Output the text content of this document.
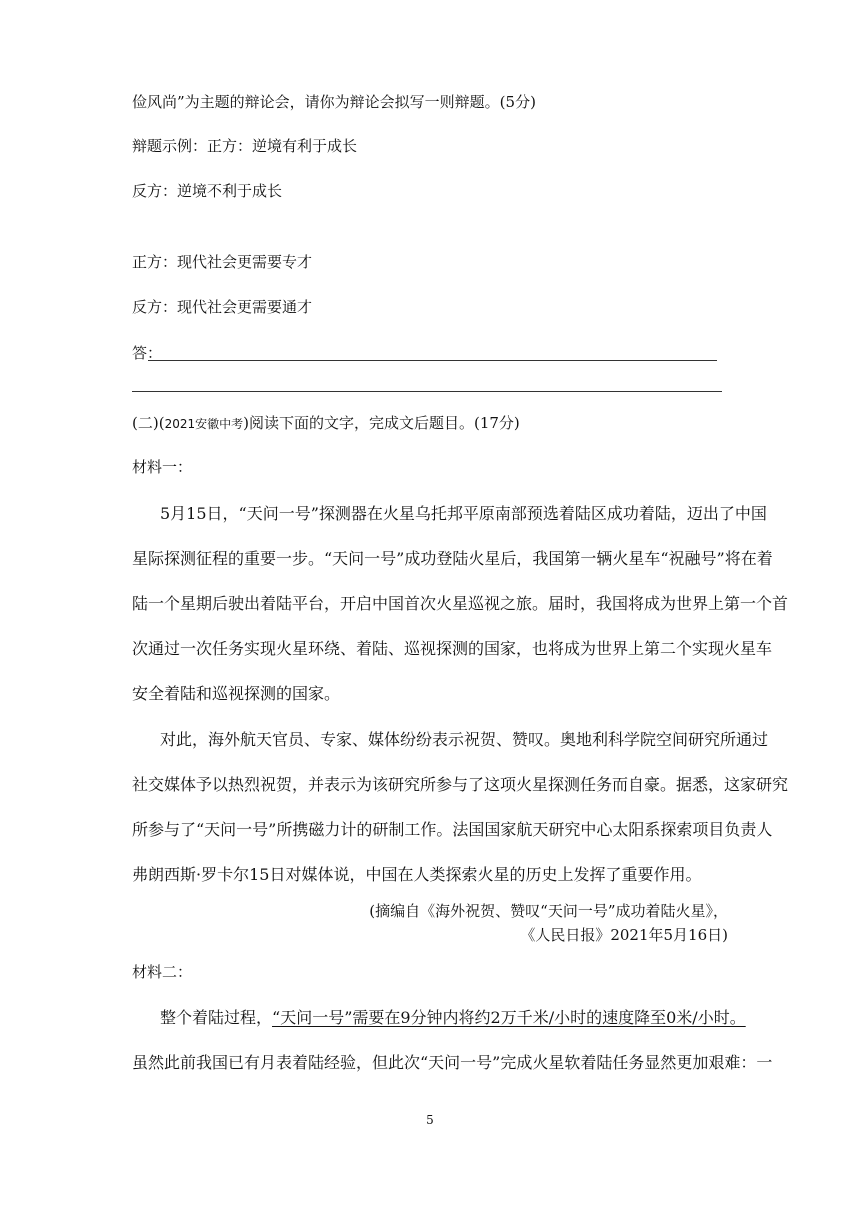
俭风尚”为主题的辩论会，请你为辩论会拟写一则辩题。(5分)
辩题示例：正方：逆境有利于成长
反方：逆境不利于成长
正方：现代社会更需要专才
反方：现代社会更需要通才
答：
(二)(2021安徽中考)阅读下面的文字，完成文后题目。(17分)
材料一：
5月15日，“天问一号”探测器在火星乌托邦平原南部预选着陆区成功着陆，迈出了中国
星际探测征程的重要一步。“天问一号”成功登陆火星后，我国第一辆火星车“祝融号”将在着
陆一个星期后驶出着陆平台，开启中国首次火星巡视之旅。届时，我国将成为世界上第一个首
次通过一次任务实现火星环绕、着陆、巡视探测的国家，也将成为世界上第二个实现火星车
安全着陆和巡视探测的国家。
对此，海外航天官员、专家、媒体纷纷表示祝贺、赞叹。奥地利科学院空间研究所通过
社交媒体予以热烈祝贺，并表示为该研究所参与了这项火星探测任务而自豪。据悉，这家研究
所参与了“天问一号”所携磁力计的研制工作。法国国家航天研究中心太阳系探索项目负责人
弗朗西斯·罗卡尔15日对媒体说，中国在人类探索火星的历史上发挥了重要作用。
(摘编自《海外祝贺、赞叹“天问一号”成功着陆火星》，
《人民日报》2021年5月16日)
材料二：
整个着陆过程，“天问一号”需要在9分钟内将约2万千米/小时的速度降至0米/小时。
虽然此前我国已有月表着陆经验，但此次“天问一号”完成火星软着陆任务显然更加艰难：一
5
